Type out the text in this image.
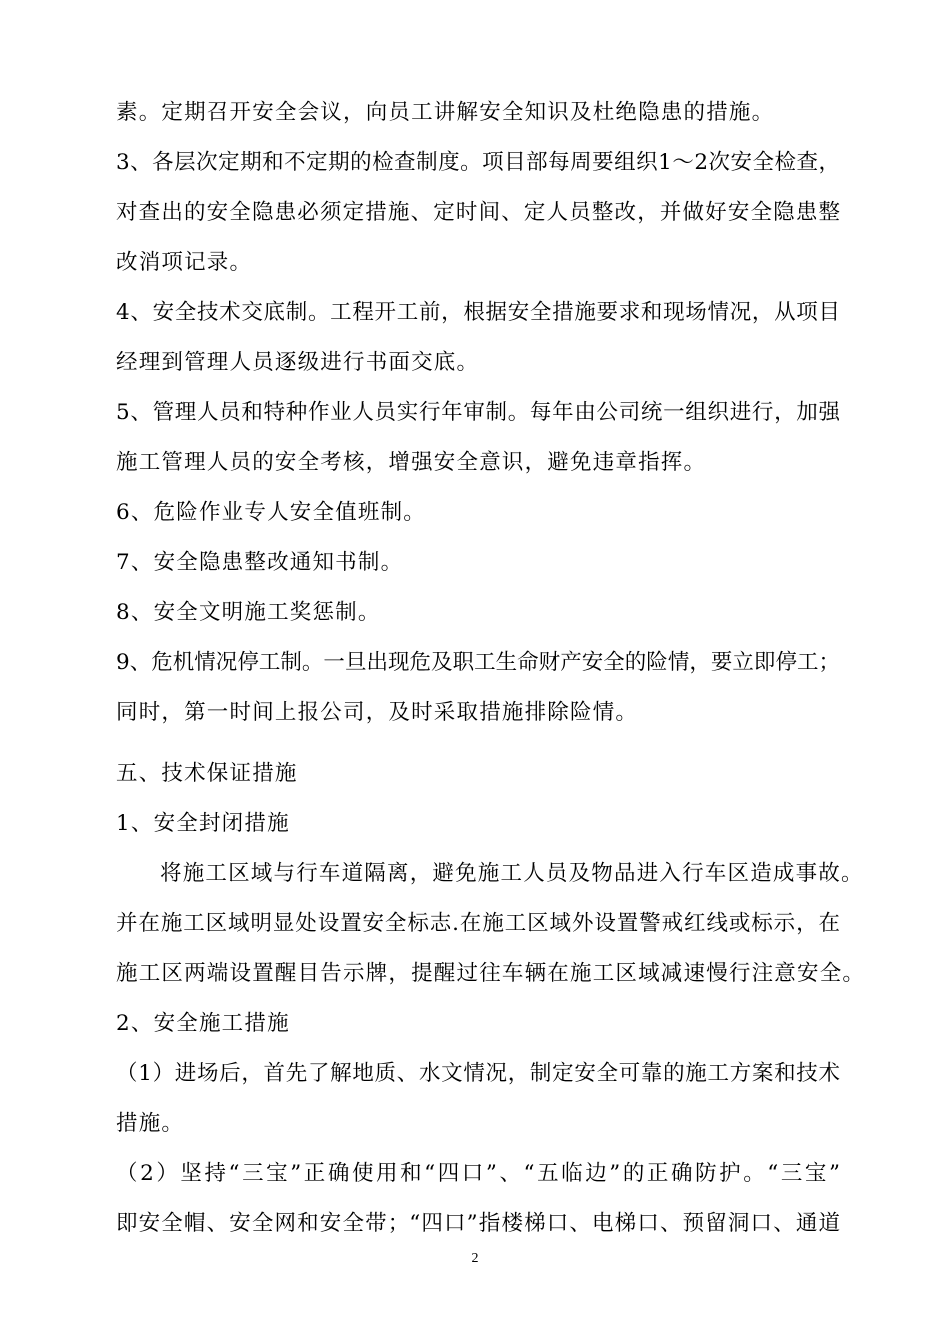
素。定期召开安全会议，向员工讲解安全知识及杜绝隐患的措施。
3、各层次定期和不定期的检查制度。项目部每周要组织1～2次安全检查，
对查出的安全隐患必须定措施、定时间、定人员整改，并做好安全隐患整
改消项记录。
4、安全技术交底制。工程开工前，根据安全措施要求和现场情况，从项目
经理到管理人员逐级进行书面交底。
5、管理人员和特种作业人员实行年审制。每年由公司统一组织进行，加强
施工管理人员的安全考核，增强安全意识，避免违章指挥。
6、危险作业专人安全值班制。
7、安全隐患整改通知书制。
8、安全文明施工奖惩制。
9、危机情况停工制。一旦出现危及职工生命财产安全的险情，要立即停工；
同时，第一时间上报公司，及时采取措施排除险情。
五、技术保证措施
1、安全封闭措施
将施工区域与行车道隔离，避免施工人员及物品进入行车区造成事故。
并在施工区域明显处设置安全标志.在施工区域外设置警戒红线或标示，在
施工区两端设置醒目告示牌，提醒过往车辆在施工区域减速慢行注意安全。
2、安全施工措施
（1）进场后，首先了解地质、水文情况，制定安全可靠的施工方案和技术
措施。
（2）坚持“三宝”正确使用和“四口”、“五临边”的正确防护。“三宝”
即安全帽、安全网和安全带；“四口”指楼梯口、电梯口、预留洞口、通道
2
